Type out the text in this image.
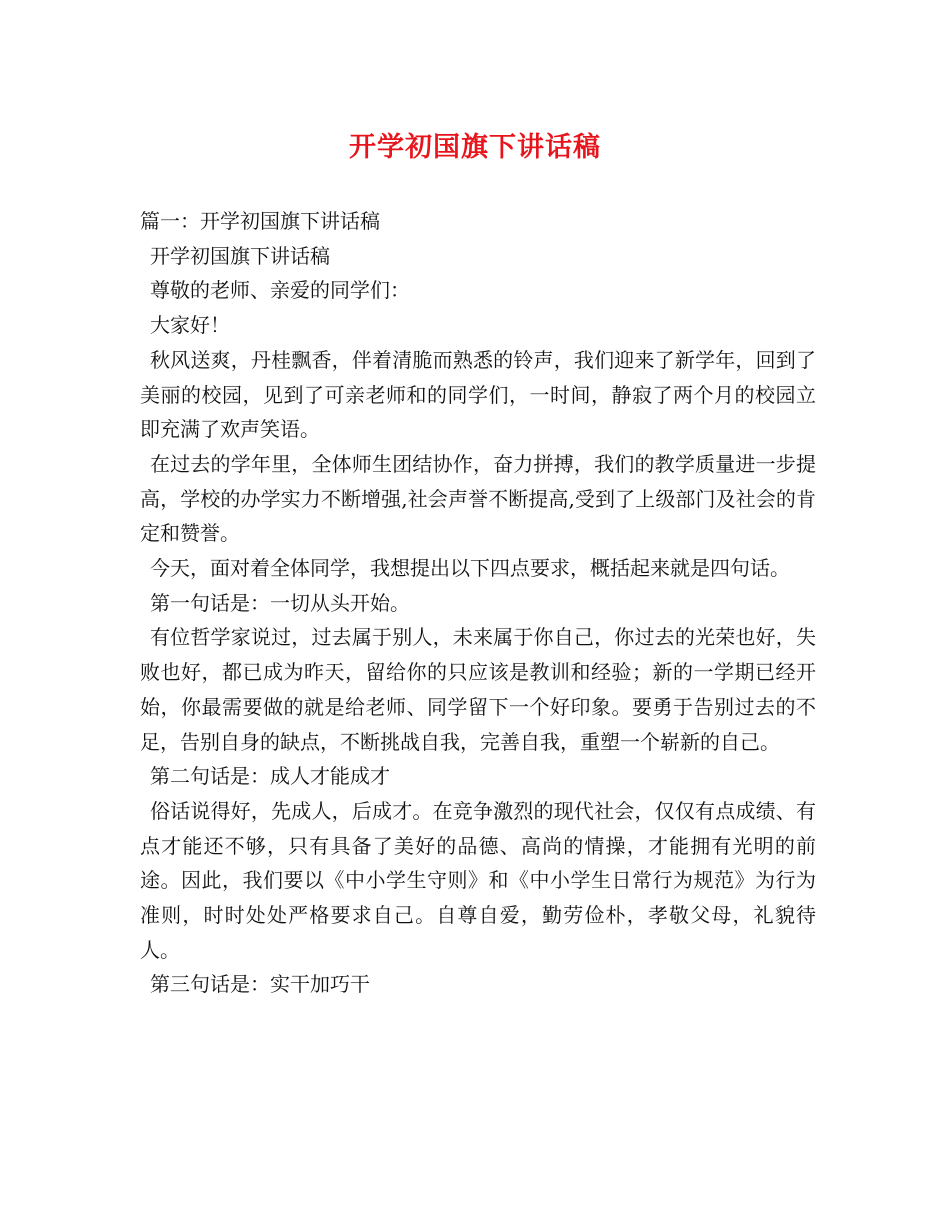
开学初国旗下讲话稿

篇一：开学初国旗下讲话稿

开学初国旗下讲话稿

尊敬的老师、亲爱的同学们：

大家好！

秋风送爽，丹桂飘香，伴着清脆而熟悉的铃声，我们迎来了新学年，回到了美丽的校园，见到了可亲老师和的同学们，一时间，静寂了两个月的校园立即充满了欢声笑语。

在过去的学年里，全体师生团结协作，奋力拼搏，我们的教学质量进一步提高，学校的办学实力不断增强,社会声誉不断提高,受到了上级部门及社会的肯定和赞誉。

今天，面对着全体同学，我想提出以下四点要求，概括起来就是四句话。

第一句话是：一切从头开始。

有位哲学家说过，过去属于别人，未来属于你自己，你过去的光荣也好，失败也好，都已成为昨天，留给你的只应该是教训和经验；新的一学期已经开始，你最需要做的就是给老师、同学留下一个好印象。要勇于告别过去的不足，告别自身的缺点，不断挑战自我，完善自我，重塑一个崭新的自己。

第二句话是：成人才能成才

俗话说得好，先成人，后成才。在竞争激烈的现代社会，仅仅有点成绩、有点才能还不够，只有具备了美好的品德、高尚的情操，才能拥有光明的前途。因此，我们要以《中小学生守则》和《中小学生日常行为规范》为行为准则，时时处处严格要求自己。自尊自爱，勤劳俭朴，孝敬父母，礼貌待人。

第三句话是：实干加巧干
